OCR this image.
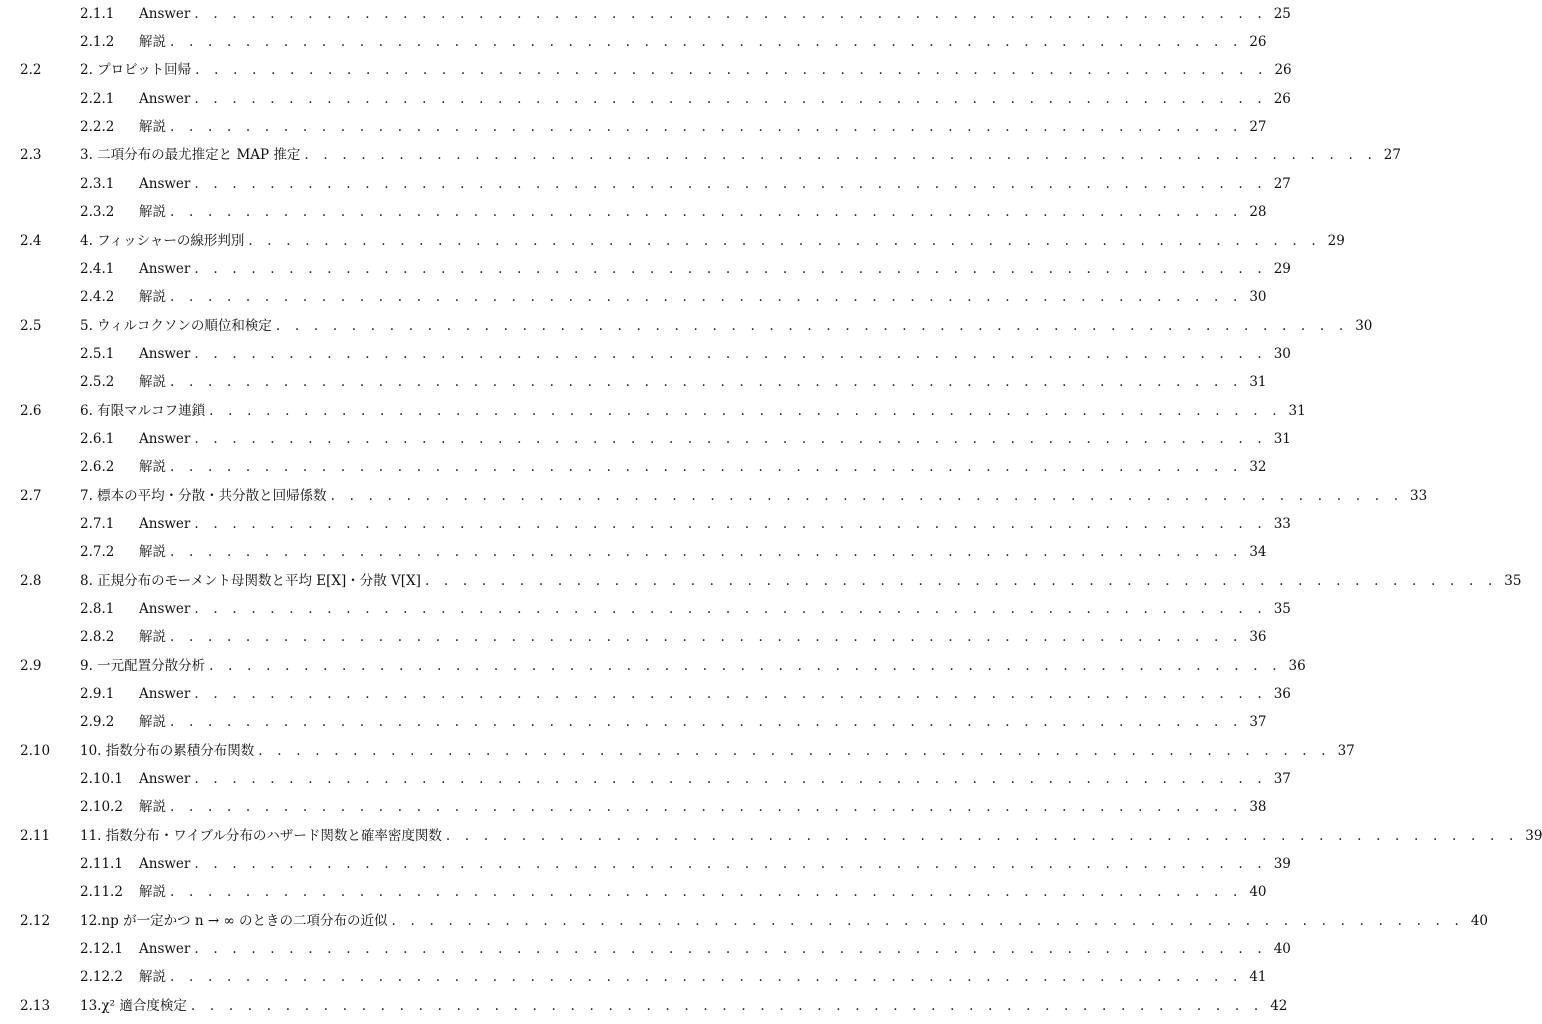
2.1.1 Answer . . . . . . . . . . . . . . . . . . . . . . . . . . . . . . . . . . . . . . . . . . . . . . . . . . . . . . . . . 25
2.1.2 解説 . . . . . . . . . . . . . . . . . . . . . . . . . . . . . . . . . . . . . . . . . . . . . . . . . . . . . . . . . 26
2.2	2. プロビット回帰 . . . . . . . . . . . . . . . . . . . . . . . . . . . . . . . . . . . . . . . . . . . . . . . . . . . . . . . . . 26
2.2.1 Answer . . . . . . . . . . . . . . . . . . . . . . . . . . . . . . . . . . . . . . . . . . . . . . . . . . . . . . . . . 26
2.2.2 解説 . . . . . . . . . . . . . . . . . . . . . . . . . . . . . . . . . . . . . . . . . . . . . . . . . . . . . . . . . 27
2.3	3. 二項分布の最尤推定と MAP 推定 . . . . . . . . . . . . . . . . . . . . . . . . . . . . . . . . . . . . . . . . . . . . . . . . . . . . . . . . . 27
2.3.1 Answer . . . . . . . . . . . . . . . . . . . . . . . . . . . . . . . . . . . . . . . . . . . . . . . . . . . . . . . . . 27
2.3.2 解説 . . . . . . . . . . . . . . . . . . . . . . . . . . . . . . . . . . . . . . . . . . . . . . . . . . . . . . . . . 28
2.4	4. フィッシャーの線形判別 . . . . . . . . . . . . . . . . . . . . . . . . . . . . . . . . . . . . . . . . . . . . . . . . . . . . . . . . . 29
2.4.1 Answer . . . . . . . . . . . . . . . . . . . . . . . . . . . . . . . . . . . . . . . . . . . . . . . . . . . . . . . . . 29
2.4.2 解説 . . . . . . . . . . . . . . . . . . . . . . . . . . . . . . . . . . . . . . . . . . . . . . . . . . . . . . . . . 30
2.5	5. ウィルコクソンの順位和検定 . . . . . . . . . . . . . . . . . . . . . . . . . . . . . . . . . . . . . . . . . . . . . . . . . . . . . . . . . 30
2.5.1 Answer . . . . . . . . . . . . . . . . . . . . . . . . . . . . . . . . . . . . . . . . . . . . . . . . . . . . . . . . . 30
2.5.2 解説 . . . . . . . . . . . . . . . . . . . . . . . . . . . . . . . . . . . . . . . . . . . . . . . . . . . . . . . . . 31
2.6	6. 有限マルコフ連鎖 . . . . . . . . . . . . . . . . . . . . . . . . . . . . . . . . . . . . . . . . . . . . . . . . . . . . . . . . . 31
2.6.1 Answer . . . . . . . . . . . . . . . . . . . . . . . . . . . . . . . . . . . . . . . . . . . . . . . . . . . . . . . . . 31
2.6.2 解説 . . . . . . . . . . . . . . . . . . . . . . . . . . . . . . . . . . . . . . . . . . . . . . . . . . . . . . . . . 32
2.7	7. 標本の平均・分散・共分散と回帰係数 . . . . . . . . . . . . . . . . . . . . . . . . . . . . . . . . . . . . . . . . . . . . . . . . . . . . . . . . . 33
2.7.1 Answer . . . . . . . . . . . . . . . . . . . . . . . . . . . . . . . . . . . . . . . . . . . . . . . . . . . . . . . . . 33
2.7.2 解説 . . . . . . . . . . . . . . . . . . . . . . . . . . . . . . . . . . . . . . . . . . . . . . . . . . . . . . . . . 34
2.8	8. 正規分布のモーメント母関数と平均 E[X]・分散 V[X] . . . . . . . . . . . . . . . . . . . . . . . . . . . . . . . . . . . . . . . . . . . . . . . . . . . . . . . . . 35
2.8.1 Answer . . . . . . . . . . . . . . . . . . . . . . . . . . . . . . . . . . . . . . . . . . . . . . . . . . . . . . . . . 35
2.8.2 解説 . . . . . . . . . . . . . . . . . . . . . . . . . . . . . . . . . . . . . . . . . . . . . . . . . . . . . . . . . 36
2.9	9. 一元配置分散分析 . . . . . . . . . . . . . . . . . . . . . . . . . . . . . . . . . . . . . . . . . . . . . . . . . . . . . . . . . 36
2.9.1 Answer . . . . . . . . . . . . . . . . . . . . . . . . . . . . . . . . . . . . . . . . . . . . . . . . . . . . . . . . . 36
2.9.2 解説 . . . . . . . . . . . . . . . . . . . . . . . . . . . . . . . . . . . . . . . . . . . . . . . . . . . . . . . . . 37
2.10 10. 指数分布の累積分布関数 . . . . . . . . . . . . . . . . . . . . . . . . . . . . . . . . . . . . . . . . . . . . . . . . . . . . . . . . . 37
2.10.1 Answer . . . . . . . . . . . . . . . . . . . . . . . . . . . . . . . . . . . . . . . . . . . . . . . . . . . . . . . . . 37
2.10.2 解説 . . . . . . . . . . . . . . . . . . . . . . . . . . . . . . . . . . . . . . . . . . . . . . . . . . . . . . . . . 38
2.11 11. 指数分布・ワイブル分布のハザード関数と確率密度関数 . . . . . . . . . . . . . . . . . . . . . . . . . . . . . . . . . . . . . . . . . . . . . . . . . . . . . . . . . 39
2.11.1 Answer . . . . . . . . . . . . . . . . . . . . . . . . . . . . . . . . . . . . . . . . . . . . . . . . . . . . . . . . . 39
2.11.2 解説 . . . . . . . . . . . . . . . . . . . . . . . . . . . . . . . . . . . . . . . . . . . . . . . . . . . . . . . . . 40
2.12 12.np が一定かつ n → ∞ のときの二項分布の近似 . . . . . . . . . . . . . . . . . . . . . . . . . . . . . . . . . . . . . . . . . . . . . . . . . . . . . . . . . 40
2.12.1 Answer . . . . . . . . . . . . . . . . . . . . . . . . . . . . . . . . . . . . . . . . . . . . . . . . . . . . . . . . . 40
2.12.2 解説 . . . . . . . . . . . . . . . . . . . . . . . . . . . . . . . . . . . . . . . . . . . . . . . . . . . . . . . . . 41
2.13 13.χ² 適合度検定 . . . . . . . . . . . . . . . . . . . . . . . . . . . . . . . . . . . . . . . . . . . . . . . . . . . . . . . . . 42
